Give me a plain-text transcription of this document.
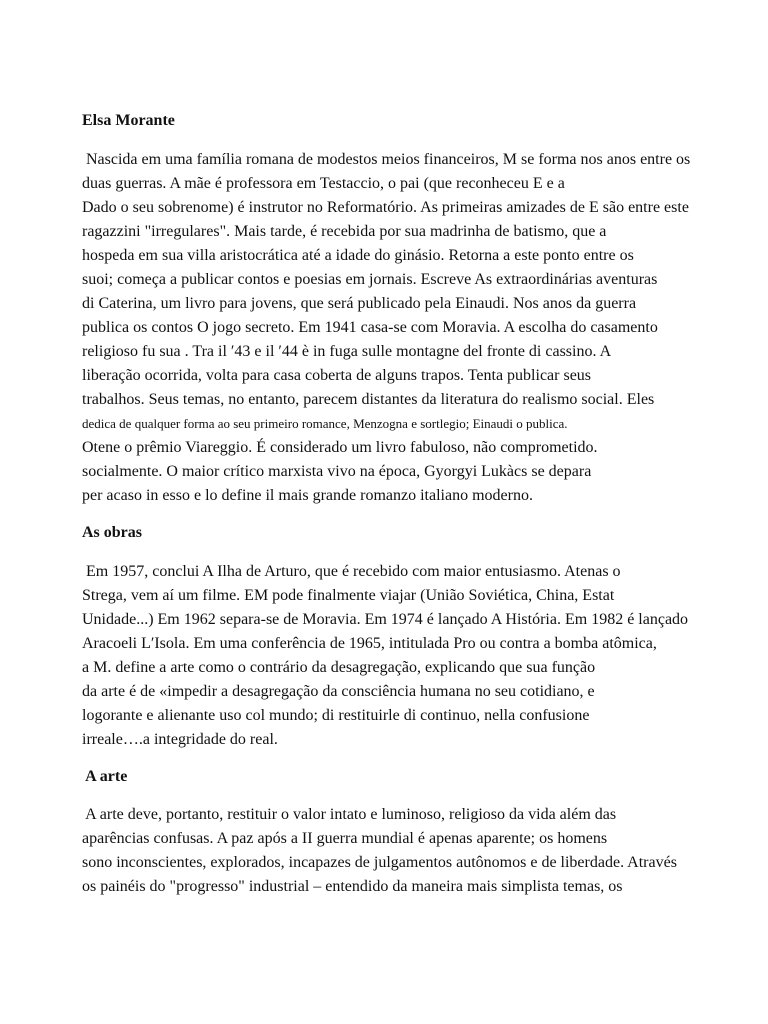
Elsa Morante
Nascida em uma família romana de modestos meios financeiros, M se forma nos anos entre os
duas guerras. A mãe é professora em Testaccio, o pai (que reconheceu E e a
Dado o seu sobrenome) é instrutor no Reformatório. As primeiras amizades de E são entre este
ragazzini "irregulares". Mais tarde, é recebida por sua madrinha de batismo, que a
hospeda em sua villa aristocrática até a idade do ginásio. Retorna a este ponto entre os
suoi; começa a publicar contos e poesias em jornais. Escreve As extraordinárias aventuras
di Caterina, um livro para jovens, que será publicado pela Einaudi. Nos anos da guerra
publica os contos O jogo secreto. Em 1941 casa-se com Moravia. A escolha do casamento
religioso fu sua . Tra il ′43 e il ′44 è in fuga sulle montagne del fronte di cassino. A
liberação ocorrida, volta para casa coberta de alguns trapos. Tenta publicar seus
trabalhos. Seus temas, no entanto, parecem distantes da literatura do realismo social. Eles
dedica de qualquer forma ao seu primeiro romance, Menzogna e sortlegio; Einaudi o publica.
Otene o prêmio Viareggio. É considerado um livro fabuloso, não comprometido.
socialmente. O maior crítico marxista vivo na época, Gyorgyi Lukàcs se depara
per acaso in esso e lo define il mais grande romanzo italiano moderno.
As obras
Em 1957, conclui A Ilha de Arturo, que é recebido com maior entusiasmo. Atenas o
Strega, vem aí um filme. EM pode finalmente viajar (União Soviética, China, Estat
Unidade...) Em 1962 separa-se de Moravia. Em 1974 é lançado A História. Em 1982 é lançado
Aracoeli L′Isola. Em uma conferência de 1965, intitulada Pro ou contra a bomba atômica,
a M. define a arte como o contrário da desagregação, explicando que sua função
da arte é de «impedir a desagregação da consciência humana no seu cotidiano, e
logorante e alienante uso col mundo; di restituirle di continuo, nella confusione
irreale….a integridade do real.
A arte
A arte deve, portanto, restituir o valor intato e luminoso, religioso da vida além das
aparências confusas. A paz após a II guerra mundial é apenas aparente; os homens
sono inconscientes, explorados, incapazes de julgamentos autônomos e de liberdade. Através
os painéis do "progresso" industrial – entendido da maneira mais simplista temas, os
